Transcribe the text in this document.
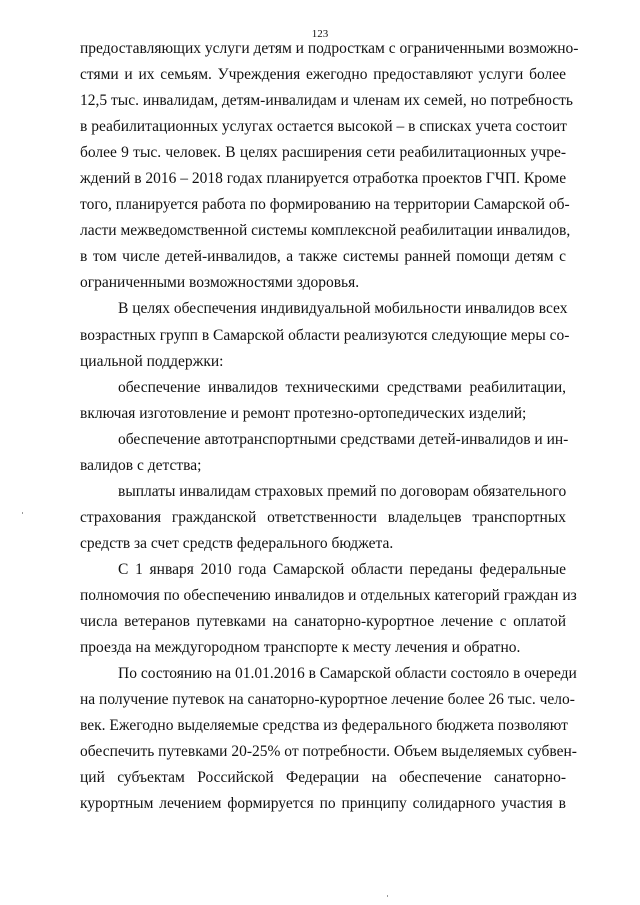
123
предоставляющих услуги детям и подросткам с ограниченными возможно-
стями и их семьям. Учреждения ежегодно предоставляют услуги более
12,5 тыс. инвалидам, детям-инвалидам и членам их семей, но потребность
в реабилитационных услугах остается высокой – в списках учета состоит
более 9 тыс. человек. В целях расширения сети реабилитационных учре-
ждений в 2016 – 2018 годах планируется отработка проектов ГЧП. Кроме
того, планируется работа по формированию на территории Самарской об-
ласти межведомственной системы комплексной реабилитации инвалидов,
в том числе детей-инвалидов, а также системы ранней помощи детям с
ограниченными возможностями здоровья.
В целях обеспечения индивидуальной мобильности инвалидов всех
возрастных групп в Самарской области реализуются следующие меры со-
циальной поддержки:
обеспечение инвалидов техническими средствами реабилитации,
включая изготовление и ремонт протезно-ортопедических изделий;
обеспечение автотранспортными средствами детей-инвалидов и ин-
валидов с детства;
выплаты инвалидам страховых премий по договорам обязательного
страхования гражданской ответственности владельцев транспортных
средств за счет средств федерального бюджета.
С 1 января 2010 года Самарской области переданы федеральные
полномочия по обеспечению инвалидов и отдельных категорий граждан из
числа ветеранов путевками на санаторно-курортное лечение с оплатой
проезда на междугородном транспорте к месту лечения и обратно.
По состоянию на 01.01.2016 в Самарской области состояло в очереди
на получение путевок на санаторно-курортное лечение более 26 тыс. чело-
век. Ежегодно выделяемые средства из федерального бюджета позволяют
обеспечить путевками 20-25% от потребности. Объем выделяемых субвен-
ций субъектам Российской Федерации на обеспечение санаторно-
курортным лечением формируется по принципу солидарного участия в
